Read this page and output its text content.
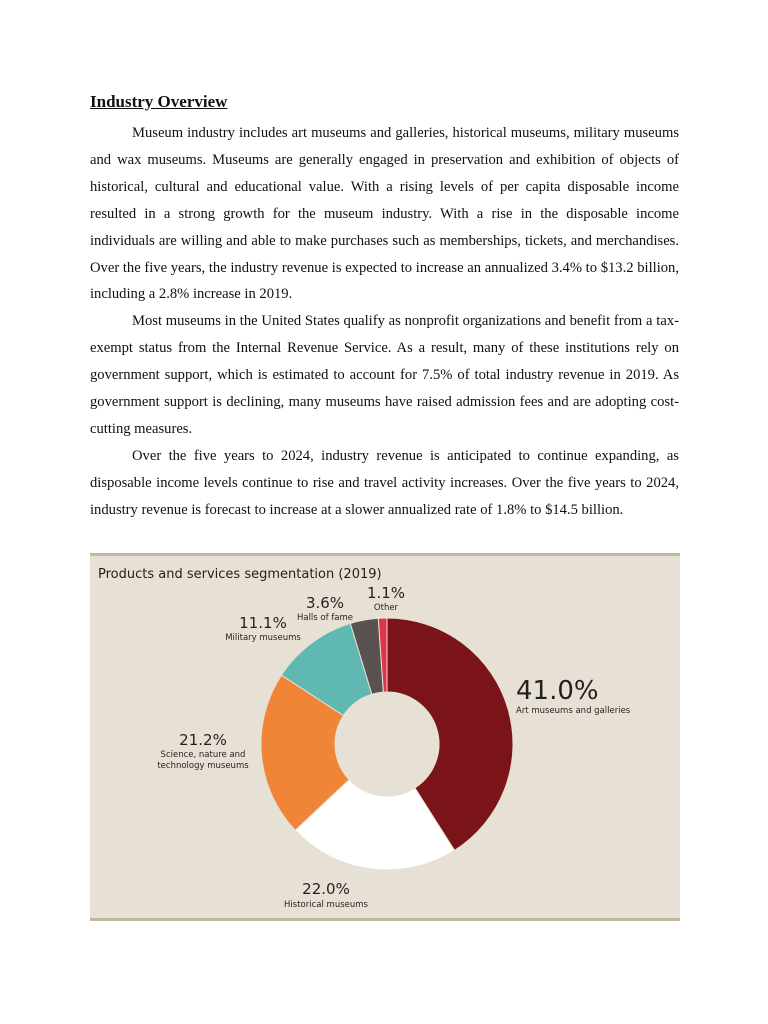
Industry Overview

Museum industry includes art museums and galleries, historical museums, military museums and wax museums. Museums are generally engaged in preservation and exhibition of objects of historical, cultural and educational value. With a rising levels of per capita disposable income resulted in a strong growth for the museum industry. With a rise in the disposable income individuals are willing and able to make purchases such as memberships, tickets, and merchandises. Over the five years, the industry revenue is expected to increase an annualized 3.4% to $13.2 billion, including a 2.8% increase in 2019.

Most museums in the United States qualify as nonprofit organizations and benefit from a tax-exempt status from the Internal Revenue Service. As a result, many of these institutions rely on government support, which is estimated to account for 7.5% of total industry revenue in 2019. As government support is declining, many museums have raised admission fees and are adopting cost-cutting measures.

Over the five years to 2024, industry revenue is anticipated to continue expanding, as disposable income levels continue to rise and travel activity increases. Over the five years to 2024, industry revenue is forecast to increase at a slower annualized rate of 1.8% to $14.5 billion.

Products and services segmentation (2019)
41.0%
Art museums and galleries
22.0%
Historical museums
21.2%
Science, nature and
technology museums
11.1%
Military museums
3.6%
Halls of fame
1.1%
Other
